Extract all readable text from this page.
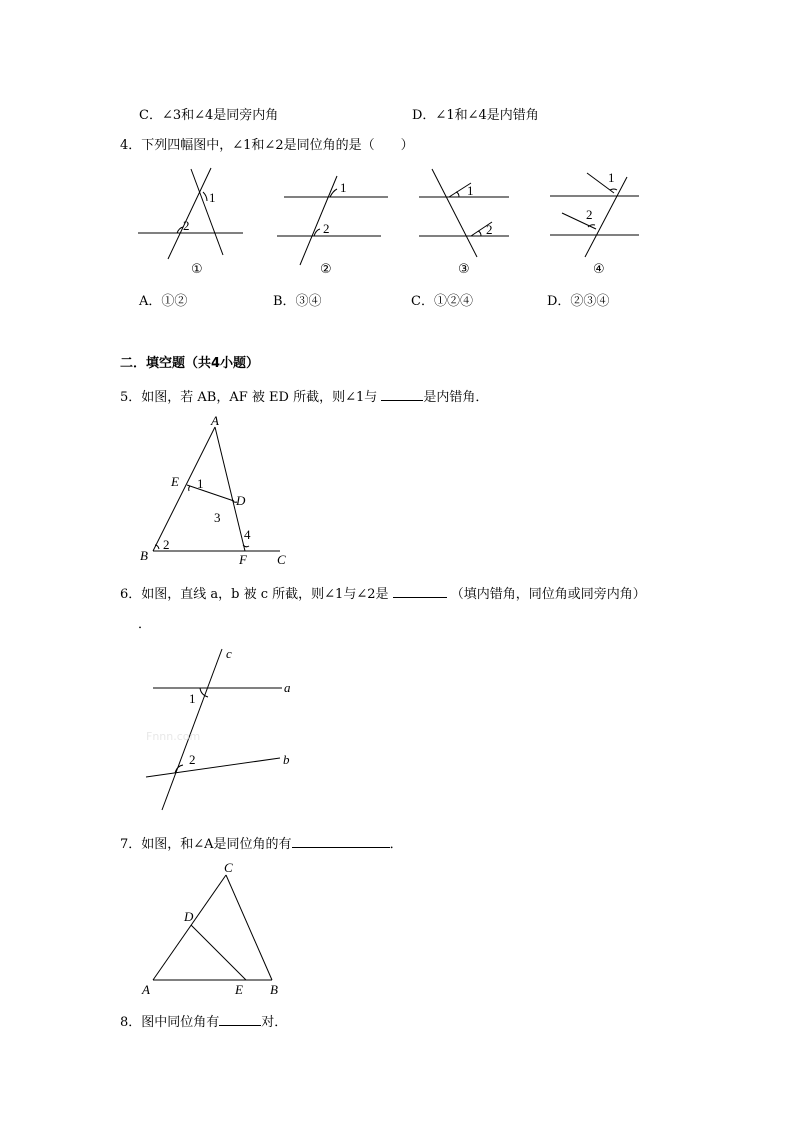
C．∠3和∠4是同旁内角	D．∠1和∠4是内错角
4．下列四幅图中，∠1和∠2是同位角的是（　　）
1
2
①
1
2
②
1
2
③
1
2
④
A．①②	B．③④	C．①②④	D．②③④
二．填空题（共4小题）
5．如图，若 AB，AF 被 ED 所截，则∠1与	是内错角．
A
E
D
B	F C
1
3
4
2
6．如图，直线 a，b 被 c 所截，则∠1与∠2是	（填内错角，同位角或同旁内角）
．
c
a
b
1
2
Fnnn.com
7．如图，和∠A是同位角的有	．
C
D
A	E B
8．图中同位角有	对．
